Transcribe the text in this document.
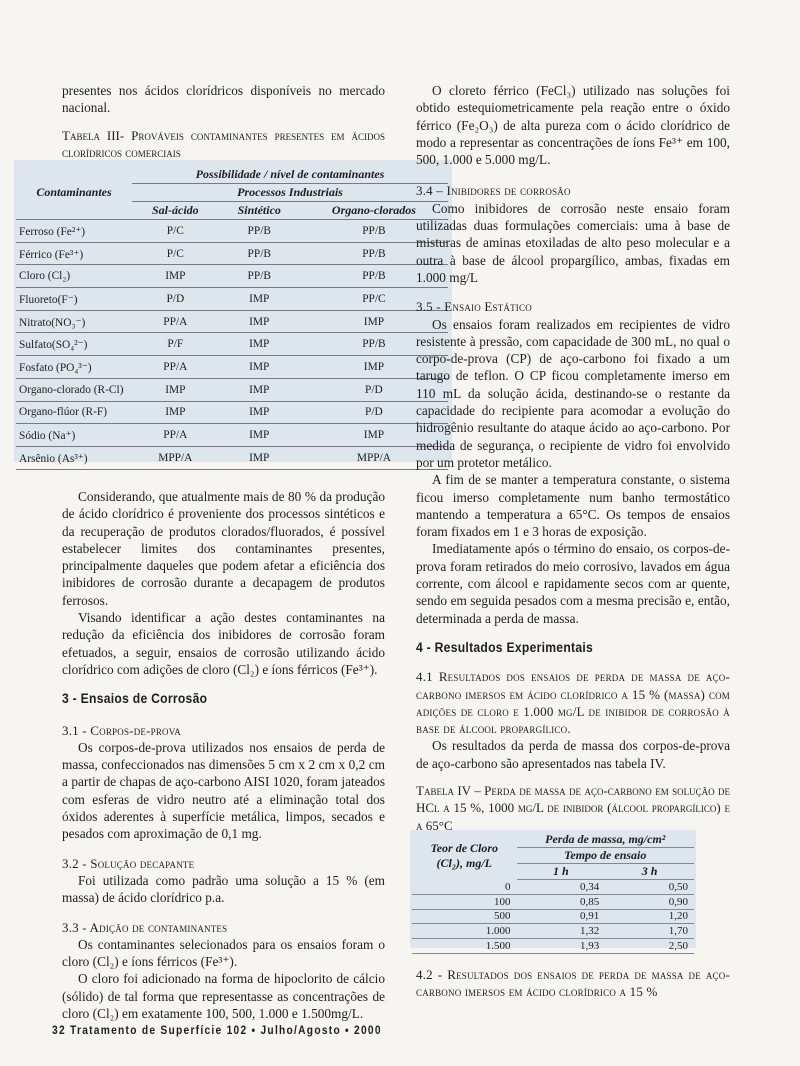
presentes nos ácidos clorídricos disponíveis no mercado nacional.

Tabela III- Prováveis contaminantes presentes em ácidos clorídricos comerciais

Contaminantes	Possibilidade / nível de contaminantes		
	Processos Industriais		
	Sal-ácido	Sintético	Organo-clorados
Ferroso (Fe²⁺)	P/C	PP/B	PP/B
Férrico (Fe³⁺)	P/C	PP/B	PP/B
Cloro (Cl₂)	IMP	PP/B	PP/B
Fluoreto(F⁻)	P/D	IMP	PP/C
Nitrato(NO₃⁻)	PP/A	IMP	IMP
Sulfato(SO₄²⁻)	P/F	IMP	PP/B
Fosfato (PO₄³⁻)	PP/A	IMP	IMP
Organo-clorado (R-Cl)	IMP	IMP	P/D
Organo-flúor (R-F)	IMP	IMP	P/D
Sódio (Na⁺)	PP/A	IMP	IMP
Arsênio (As³⁺)	MPP/A	IMP	MPP/A

Considerando, que atualmente mais de 80 % da produção de ácido clorídrico é proveniente dos processos sintéticos e da recuperação de produtos clorados/fluorados, é possível estabelecer limites dos contaminantes presentes, principalmente daqueles que podem afetar a eficiência dos inibidores de corrosão durante a decapagem de produtos ferrosos.

Visando identificar a ação destes contaminantes na redução da eficiência dos inibidores de corrosão foram efetuados, a seguir, ensaios de corrosão utilizando ácido clorídrico com adições de cloro (Cl₂) e íons férricos (Fe³⁺).

3 - Ensaios de Corrosão

3.1 - Corpos-de-prova

Os corpos-de-prova utilizados nos ensaios de perda de massa, confeccionados nas dimensões 5 cm x 2 cm x 0,2 cm a partir de chapas de aço-carbono AISI 1020, foram jateados com esferas de vidro neutro até a eliminação total dos óxidos aderentes à superfície metálica, limpos, secados e pesados com aproximação de 0,1 mg.

3.2 - Solução decapante

Foi utilizada como padrão uma solução a 15 % (em massa) de ácido clorídrico p.a.

3.3 - Adição de contaminantes

Os contaminantes selecionados para os ensaios foram o cloro (Cl₂) e íons férricos (Fe³⁺).

O cloro foi adicionado na forma de hipoclorito de cálcio (sólido) de tal forma que representasse as concentrações de cloro (Cl₂) em exatamente 100, 500, 1.000 e 1.500mg/L.

O cloreto férrico (FeCl₃) utilizado nas soluções foi obtido estequiometricamente pela reação entre o óxido férrico (Fe₂O₃) de alta pureza com o ácido clorídrico de modo a representar as concentrações de íons Fe³⁺ em 100, 500, 1.000 e 5.000 mg/L.

3.4 – Inibidores de corrosão

Como inibidores de corrosão neste ensaio foram utilizadas duas formulações comerciais: uma à base de misturas de aminas etoxiladas de alto peso molecular e a outra à base de álcool propargílico, ambas, fixadas em 1.000 mg/L

3.5 - Ensaio Estático

Os ensaios foram realizados em recipientes de vidro resistente à pressão, com capacidade de 300 mL, no qual o corpo-de-prova (CP) de aço-carbono foi fixado a um tarugo de teflon. O CP ficou completamente imerso em 110 mL da solução ácida, destinando-se o restante da capacidade do recipiente para acomodar a evolução do hidrogênio resultante do ataque ácido ao aço-carbono. Por medida de segurança, o recipiente de vidro foi envolvido por um protetor metálico.

A fim de se manter a temperatura constante, o sistema ficou imerso completamente num banho termostático mantendo a temperatura a 65°C. Os tempos de ensaios foram fixados em 1 e 3 horas de exposição.

Imediatamente após o término do ensaio, os corpos-de-prova foram retirados do meio corrosivo, lavados em água corrente, com álcool e rapidamente secos com ar quente, sendo em seguida pesados com a mesma precisão e, então, determinada a perda de massa.

4 - Resultados Experimentais

4.1 Resultados dos ensaios de perda de massa de aço-carbono imersos em ácido clorídrico a 15 % (massa) com adições de cloro e 1.000 mg/L de inibidor de corrosão à base de álcool propargílico.

Os resultados da perda de massa dos corpos-de-prova de aço-carbono são apresentados nas tabela IV.

Tabela IV – Perda de massa de aço-carbono em solução de HCl a 15 %, 1000 mg/L de inibidor (álcool propargílico) e a 65°C

Teor de Cloro
(Cl₂), mg/L	Perda de massa, mg/cm²	
	Tempo de ensaio	
	1 h	3 h
0	0,34	0,50
100	0,85	0,90
500	0,91	1,20
1.000	1,32	1,70
1.500	1,93	2,50

4.2 - Resultados dos ensaios de perda de massa de aço-carbono imersos em ácido clorídrico a 15 %

32 Tratamento de Superfície 102 • Julho/Agosto • 2000
